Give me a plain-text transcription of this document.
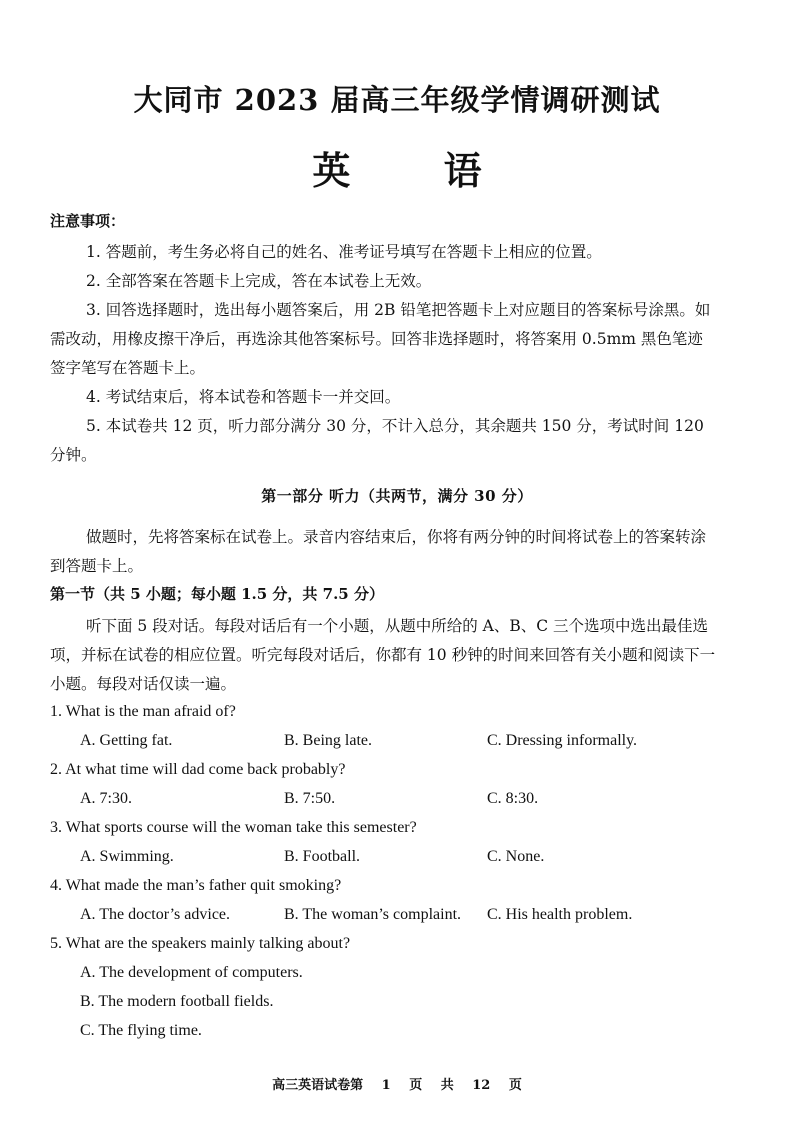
大同市 2023 届高三年级学情调研测试
英 语
注意事项：
1. 答题前，考生务必将自己的姓名、准考证号填写在答题卡上相应的位置。
2. 全部答案在答题卡上完成，答在本试卷上无效。
3. 回答选择题时，选出每小题答案后，用 2B 铅笔把答题卡上对应题目的答案标号涂黑。如需改动，用橡皮擦干净后，再选涂其他答案标号。回答非选择题时，将答案用 0.5mm 黑色笔迹签字笔写在答题卡上。
4. 考试结束后，将本试卷和答题卡一并交回。
5. 本试卷共 12 页，听力部分满分 30 分，不计入总分，其余题共 150 分，考试时间 120 分钟。
第一部分 听力（共两节，满分 30 分）
做题时，先将答案标在试卷上。录音内容结束后，你将有两分钟的时间将试卷上的答案转涂到答题卡上。
第一节（共 5 小题；每小题 1.5 分，共 7.5 分）
听下面 5 段对话。每段对话后有一个小题，从题中所给的 A、B、C 三个选项中选出最佳选项，并标在试卷的相应位置。听完每段对话后，你都有 10 秒钟的时间来回答有关小题和阅读下一小题。每段对话仅读一遍。
1. What is the man afraid of?
A. Getting fat.	B. Being late.	C. Dressing informally.
2. At what time will dad come back probably?
A. 7:30.	B. 7:50.	C. 8:30.
3. What sports course will the woman take this semester?
A. Swimming.	B. Football.	C. None.
4. What made the man’s father quit smoking?
A. The doctor’s advice.	B. The woman’s complaint. C. His health problem.
5. What are the speakers mainly talking about?
A. The development of computers.
B. The modern football fields.
C. The flying time.
高三英语试卷第 1 页 共 12 页
